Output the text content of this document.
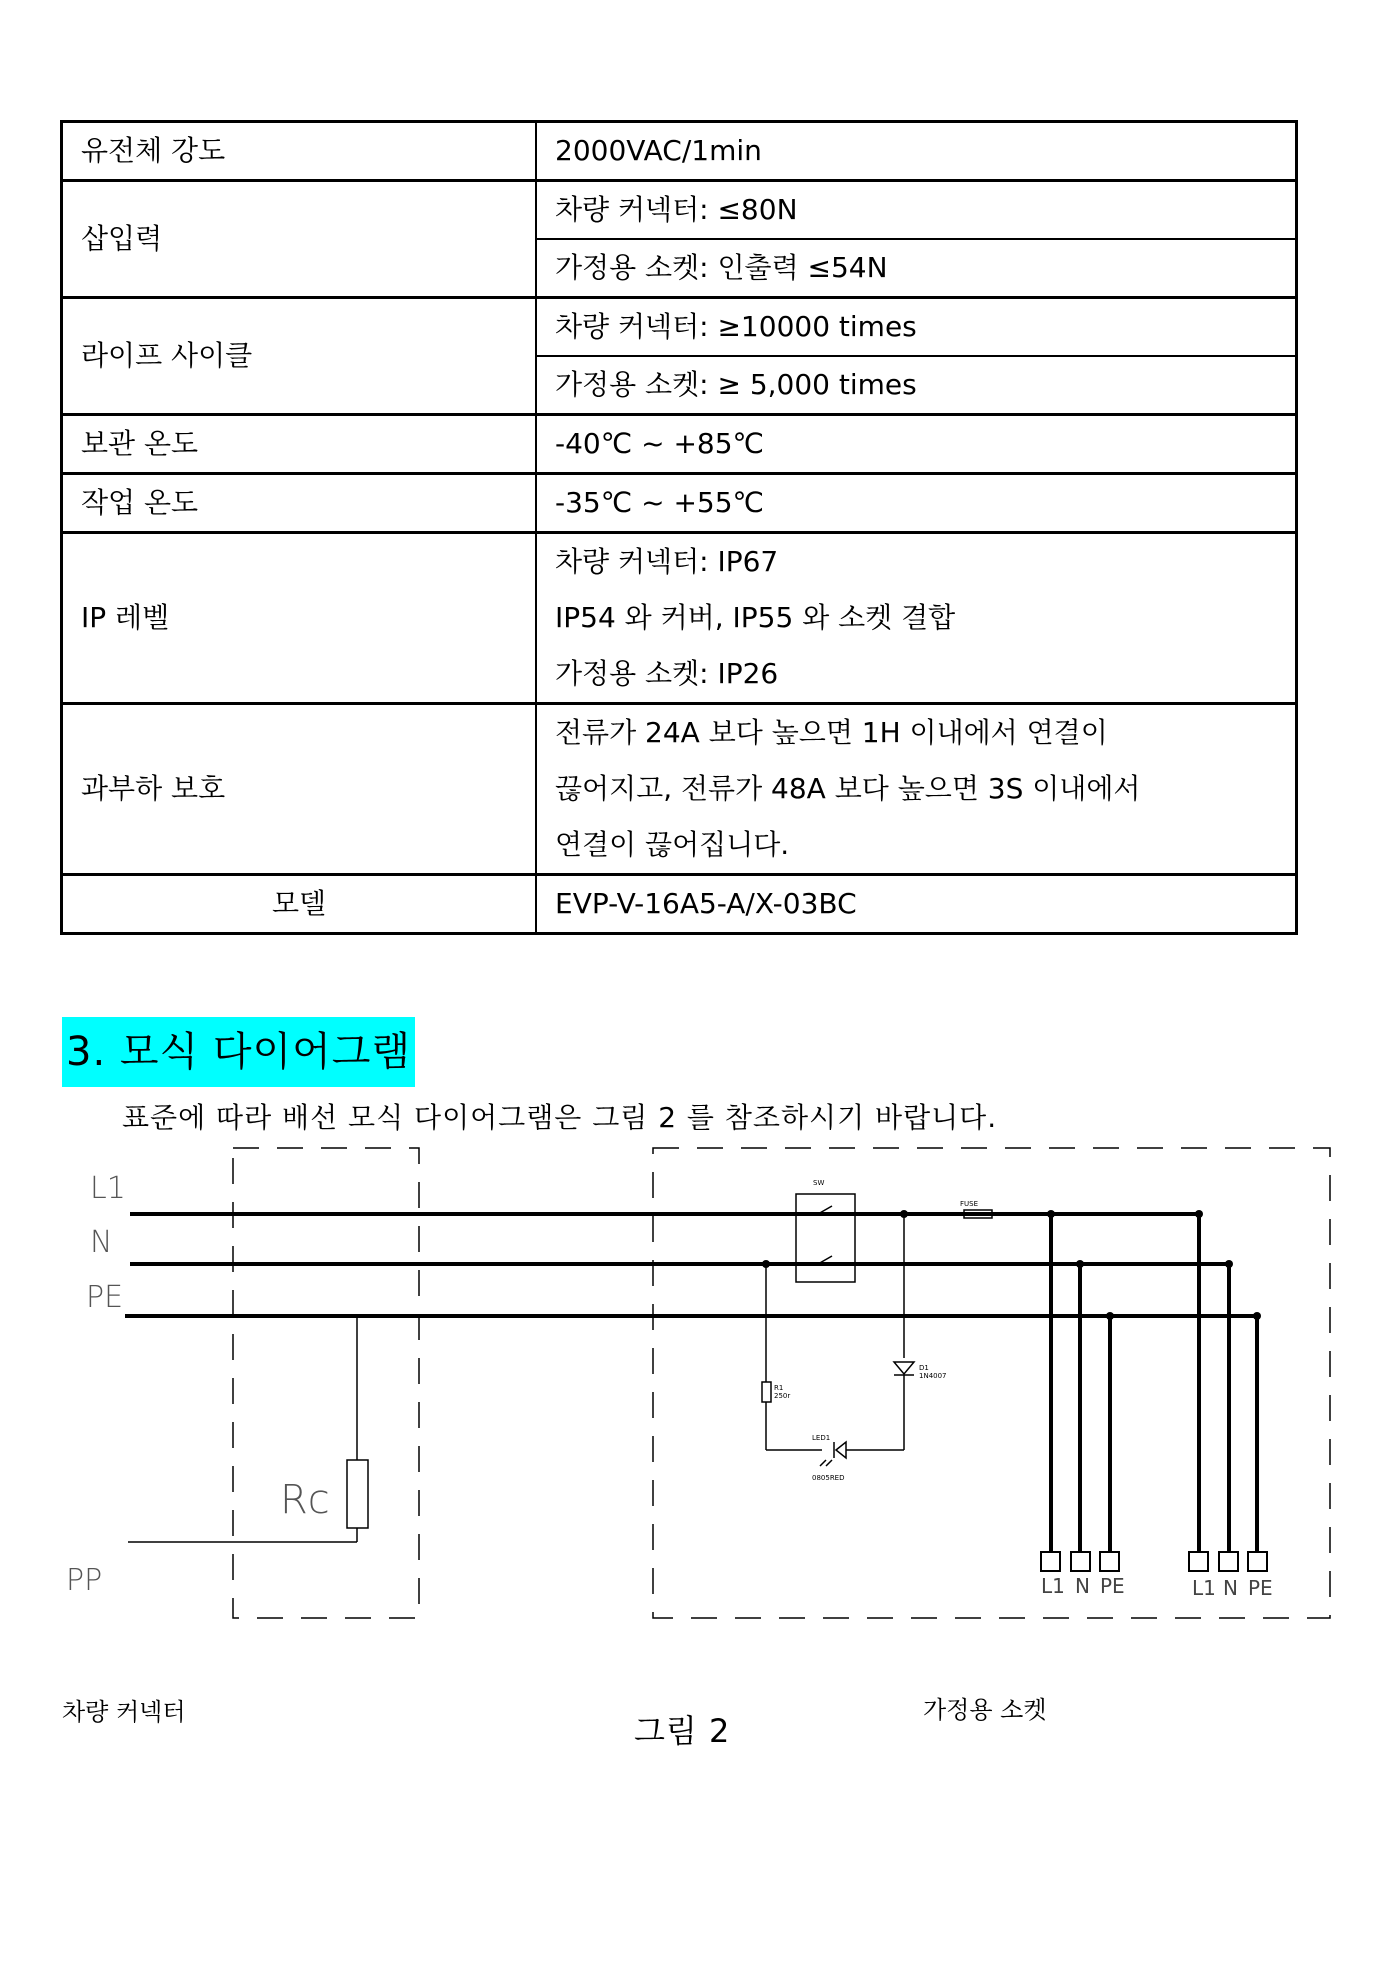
유전체 강도	2000VAC/1min
삽입력	차량 커넥터: ≤80N
	가정용 소켓: 인출력 ≤54N
라이프 사이클	차량 커넥터: ≥10000 times
	가정용 소켓: ≥ 5,000 times
보관 온도	-40℃ ~ +85℃
작업 온도	-35℃ ~ +55℃
IP 레벨	차량 커넥터: IP67
IP54 와 커버, IP55 와 소켓 결합
가정용 소켓: IP26

과부하 보호	전류가 24A 보다 높으면 1H 이내에서 연결이
끊어지고, 전류가 48A 보다 높으면 3S 이내에서
연결이 끊어집니다.

모델	EVP-V-16A5-A/X-03BC
3. 모식 다이어그램
표준에 따라 배선 모식 다이어그램은 그림 2 를 참조하시기 바랍니다.
L1
N
PE
PP
Rc
SW
FUSE
R1
250r
D1
1N4007
LED1
0805RED
L1 N PE	L1 N PE
차량 커넥터	가정용 소켓
그림 2
